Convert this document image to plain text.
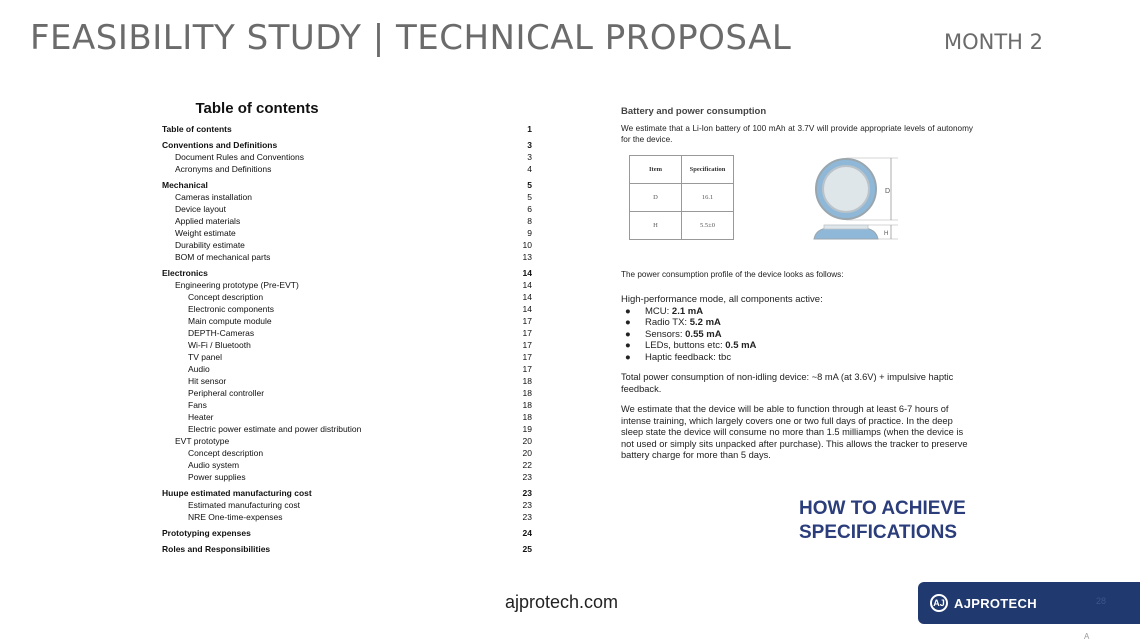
FEASIBILITY STUDY | TECHNICAL PROPOSAL	MONTH 2
Table of contents
Table of contents	1
Conventions and Definitions	3
Document Rules and Conventions	3
Acronyms and Definitions	4
Mechanical	5
Cameras installation	5
Device layout	6
Applied materials	8
Weight estimate	9
Durability estimate	10
BOM of mechanical parts	13
Electronics	14
Engineering prototype (Pre-EVT)	14
Concept description	14
Electronic components	14
Main compute module	17
DEPTH-Cameras	17
Wi-Fi / Bluetooth	17
TV panel	17
Audio	17
Hit sensor	18
Peripheral controller	18
Fans	18
Heater	18
Electric power estimate and power distribution	19
EVT prototype	20
Concept description	20
Audio system	22
Power supplies	23
Huupe estimated manufacturing cost	23
Estimated manufacturing cost	23
NRE One-time-expenses	23
Prototyping expenses	24
Roles and Responsibilities	25
Battery and power consumption

We estimate that a Li-Ion battery of 100 mAh at 3.7V will provide appropriate levels of autonomy for the device.

Item	Specification
D	16.1
H	5.5±0
D
H

The power consumption profile of the device looks as follows:

High-performance mode, all components active:
●	MCU: 2.1 mA
●	Radio TX: 5.2 mA
●	Sensors: 0.55 mA
●	LEDs, buttons etc: 0.5 mA
●	Haptic feedback: tbc

Total power consumption of non-idling device: ~8 mA (at 3.6V) + impulsive haptic feedback.

We estimate that the device will be able to function through at least 6-7 hours of intense training, which largely covers one or two full days of practice. In the deep sleep state the device will consume no more than 1.5 milliamps (when the device is not used or simply sits unpacked after purchase). This allows the tracker to preserve battery charge for more than 5 days.

HOW TO ACHIEVE
SPECIFICATIONS
ajprotech.com	AJ AJPROTECH	28
A
